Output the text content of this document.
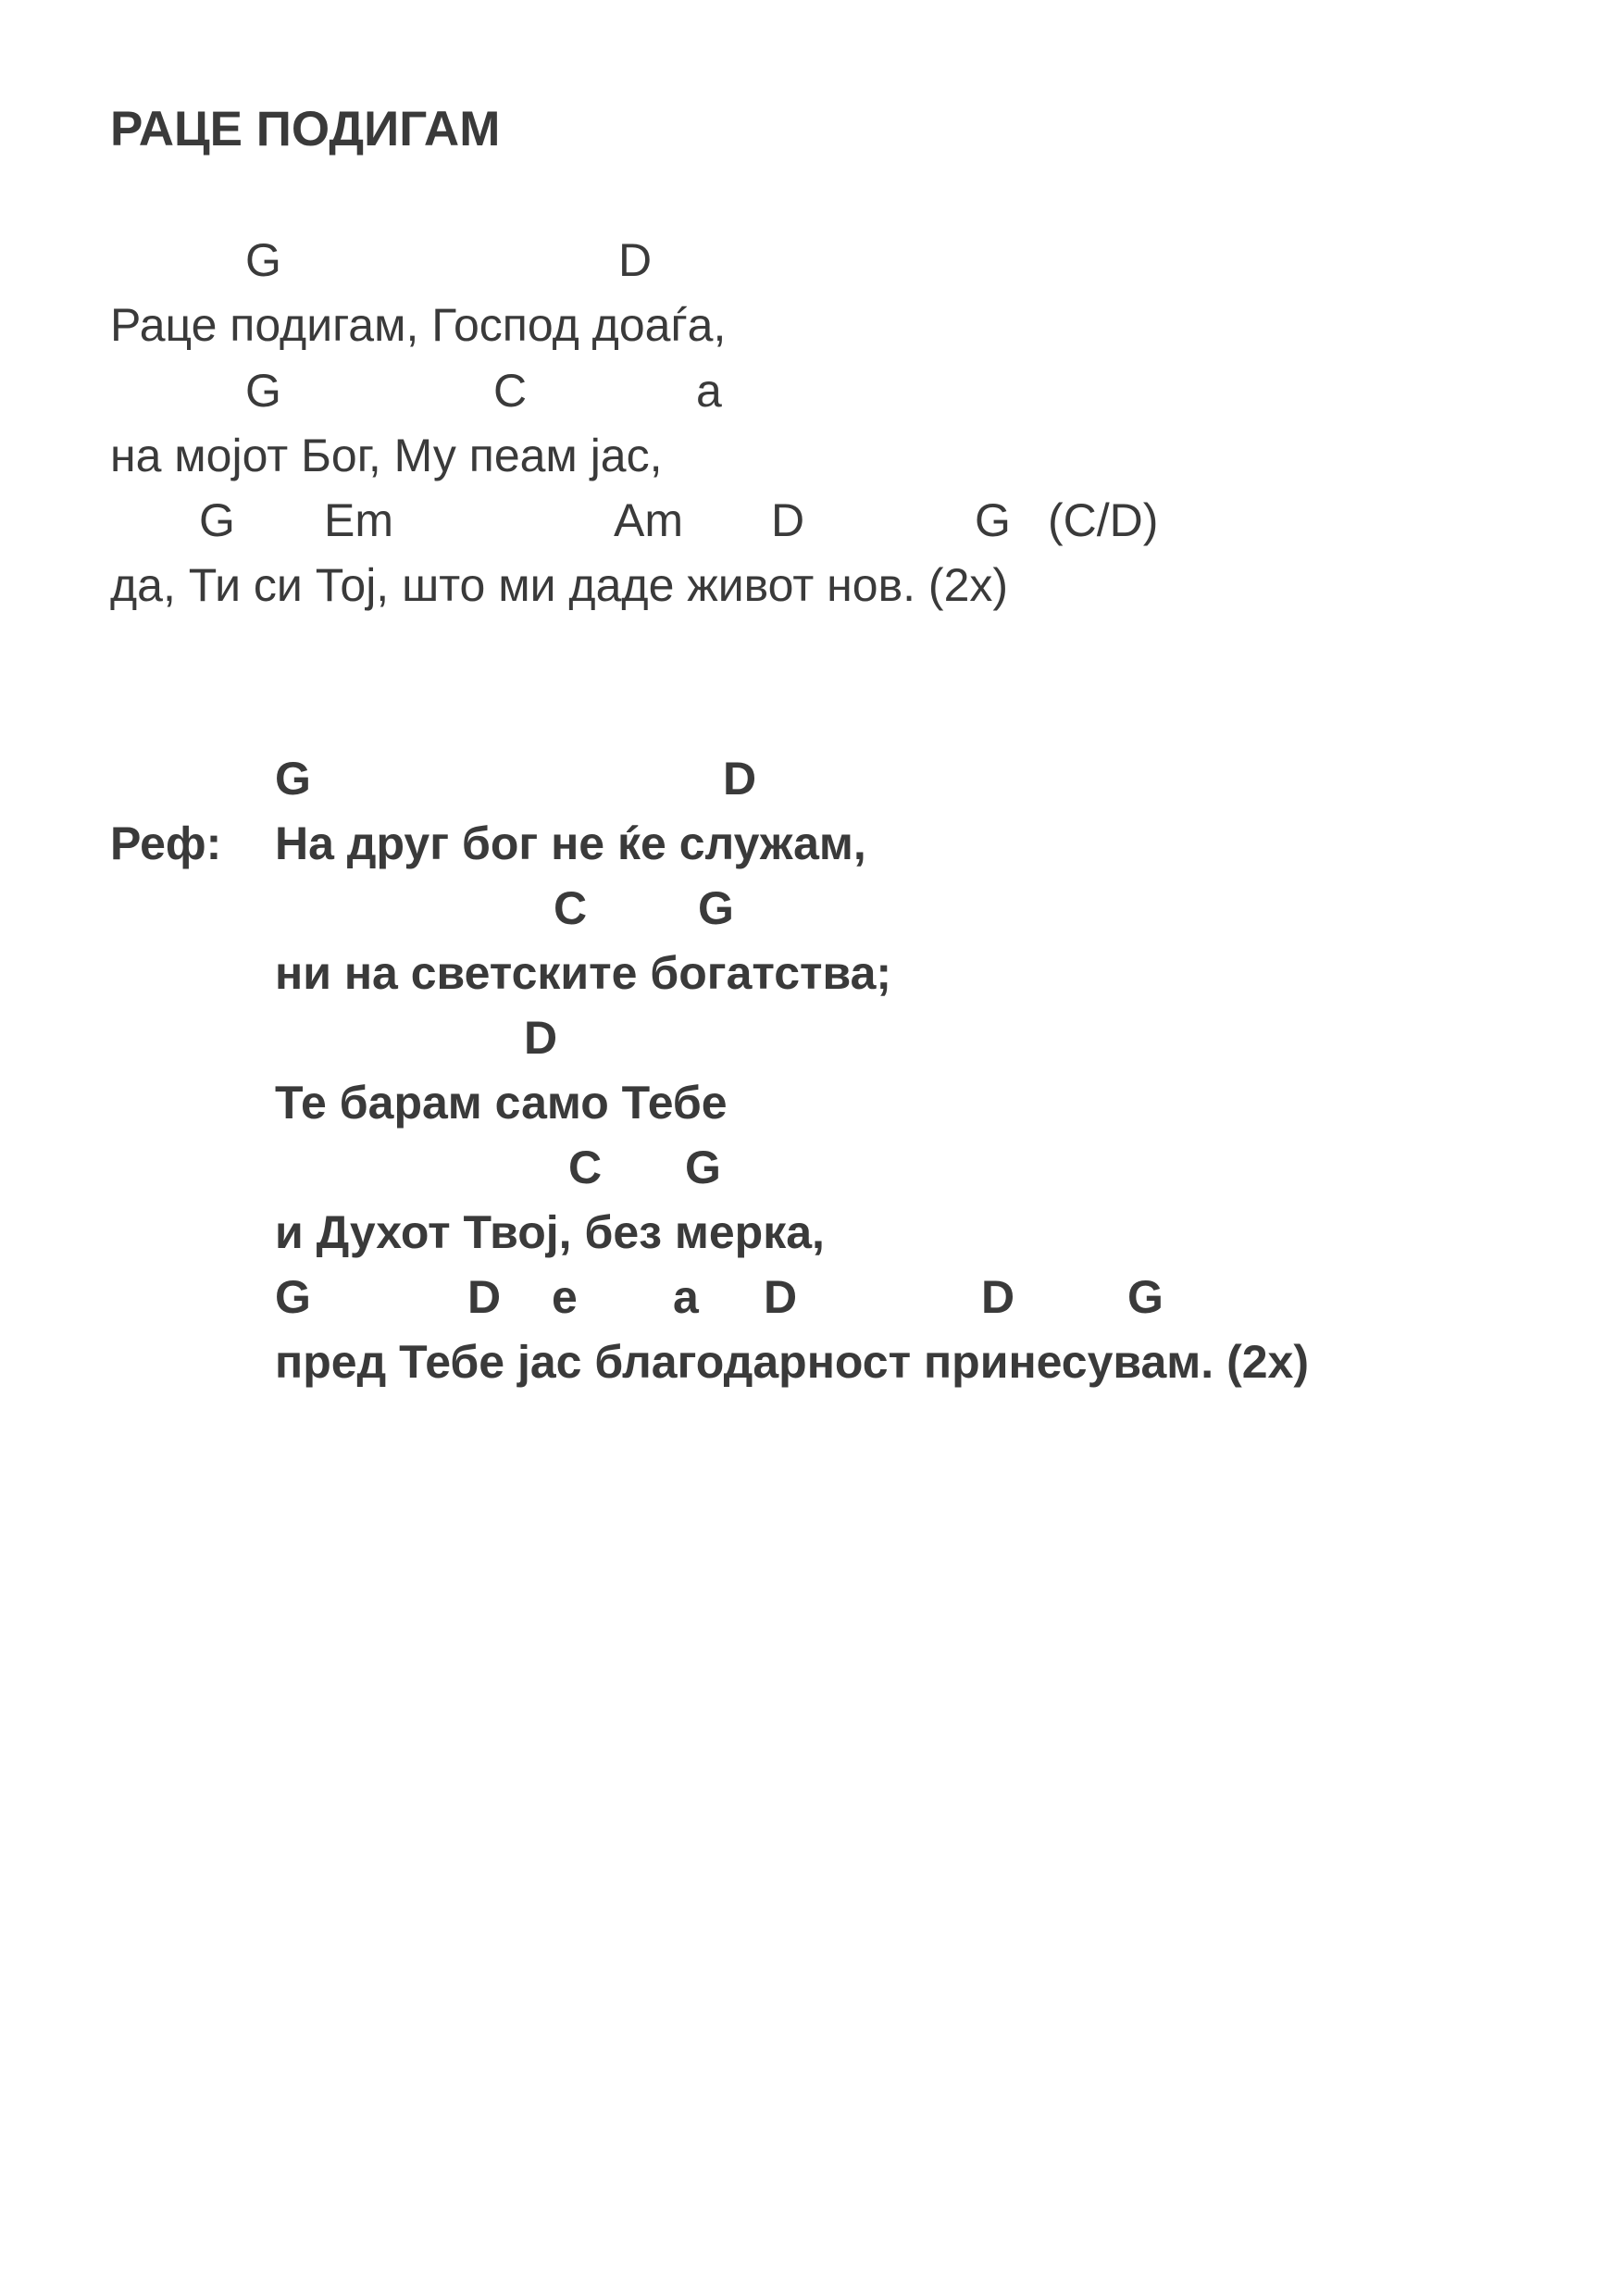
РАЦЕ ПОДИГАМ
G	D
Раце подигам, Господ доаѓа,
G	C	a
на мојот Бог, Му пеам јас,
G Em	Am D	G (C/D)
да, Ти си Тој, што ми даде живот нов. (2x)
G	D
Реф: На друг бог не ќе служам,
C G
ни на светските богатства;
D
Те барам само Тебе
C G
и Духот Твој, без мерка,
G	D e a D	D G
пред Тебе јас благодарност принесувам. (2x)
